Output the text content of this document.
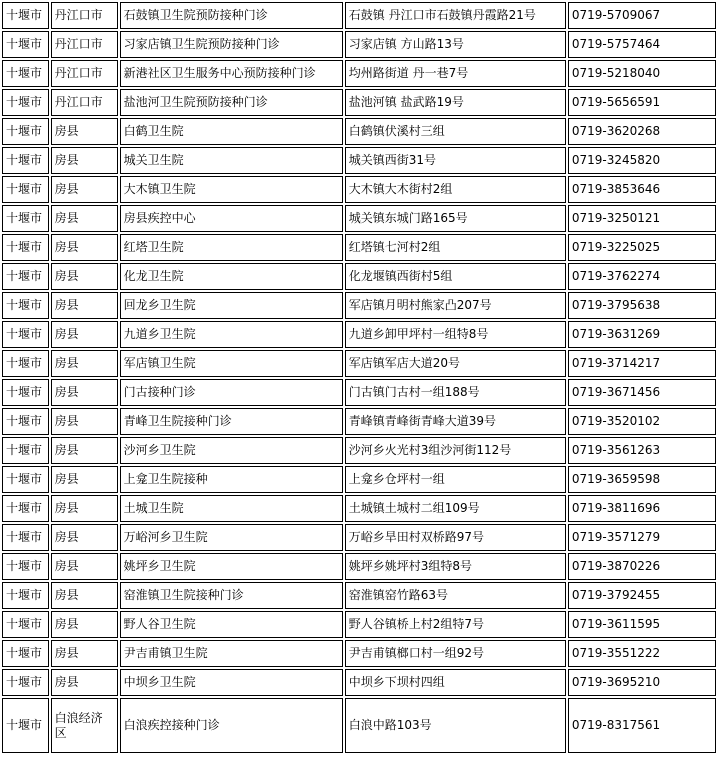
十堰市	丹江口市	石鼓镇卫生院预防接种门诊	石鼓镇 丹江口市石鼓镇丹霞路21号	0719-5709067
十堰市	丹江口市	习家店镇卫生院预防接种门诊	习家店镇 方山路13号	0719-5757464
十堰市	丹江口市	新港社区卫生服务中心预防接种门诊	均州路街道 丹一巷7号	0719-5218040
十堰市	丹江口市	盐池河卫生院预防接种门诊	盐池河镇 盐武路19号	0719-5656591
十堰市	房县	白鹤卫生院	白鹤镇伏溪村三组	0719-3620268
十堰市	房县	城关卫生院	城关镇西街31号	0719-3245820
十堰市	房县	大木镇卫生院	大木镇大木街村2组	0719-3853646
十堰市	房县	房县疾控中心	城关镇东城门路165号	0719-3250121
十堰市	房县	红塔卫生院	红塔镇七河村2组	0719-3225025
十堰市	房县	化龙卫生院	化龙堰镇西街村5组	0719-3762274
十堰市	房县	回龙乡卫生院	军店镇月明村熊家凸207号	0719-3795638
十堰市	房县	九道乡卫生院	九道乡卸甲坪村一组特8号	0719-3631269
十堰市	房县	军店镇卫生院	军店镇军店大道20号	0719-3714217
十堰市	房县	门古接种门诊	门古镇门古村一组188号	0719-3671456
十堰市	房县	青峰卫生院接种门诊	青峰镇青峰街青峰大道39号	0719-3520102
十堰市	房县	沙河乡卫生院	沙河乡火光村3组沙河街112号	0719-3561263
十堰市	房县	上龛卫生院接种	上龛乡仓坪村一组	0719-3659598
十堰市	房县	土城卫生院	土城镇土城村二组109号	0719-3811696
十堰市	房县	万峪河乡卫生院	万峪乡旱田村双桥路97号	0719-3571279
十堰市	房县	姚坪乡卫生院	姚坪乡姚坪村3组特8号	0719-3870226
十堰市	房县	窑淮镇卫生院接种门诊	窑淮镇窑竹路63号	0719-3792455
十堰市	房县	野人谷卫生院	野人谷镇桥上村2组特7号	0719-3611595
十堰市	房县	尹吉甫镇卫生院	尹吉甫镇榔口村一组92号	0719-3551222
十堰市	房县	中坝乡卫生院	中坝乡下坝村四组	0719-3695210
十堰市	白浪经济区	白浪疾控接种门诊	白浪中路103号	0719-8317561
